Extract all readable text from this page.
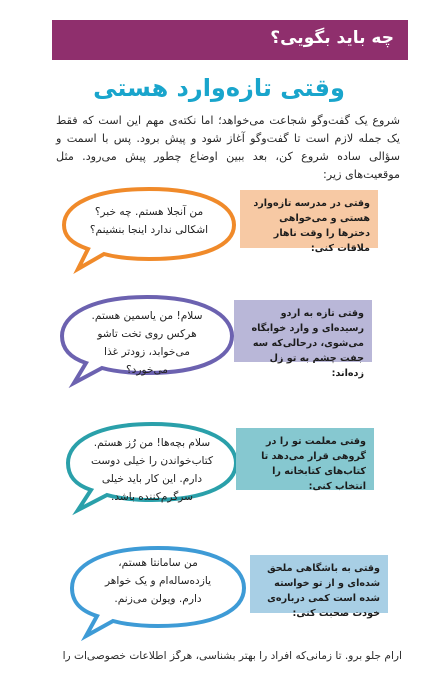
چه باید بگویی؟
وقتی تازه‌وارد هستی
شروع یک گفت‌وگو شجاعت می‌خواهد؛ اما نکته‌ی مهم این است که فقط یک جمله لازم است تا گفت‌وگو آغاز شود و پیش برود. پس با اسمت و سؤالی ساده شروع کن، بعد ببین اوضاع چطور پیش می‌رود. مثل موقعیت‌های زیر:
من آنجلا هستم. چه خبر؟ اشکالی ندارد اینجا بنشینم؟
وقتی در مدرسه تازه‌وارد هستی و می‌خواهی دخترها را وقت ناهار ملاقات کنی:
سلام! من یاسمین هستم. هرکس روی تخت تاشو می‌خوابد، زودتر غذا می‌خورد؟
وقتی تازه به اردو رسیده‌ای و وارد خوابگاه می‌شوی، درحالی‌که سه جفت چشم به تو زل زده‌اند:
سلام بچه‌ها! من رُز هستم. کتاب‌خواندن را خیلی دوست دارم. این کار باید خیلی سرگرم‌کننده باشد.
وقتی معلمت تو را در گروهی قرار می‌دهد تا کتاب‌های کتابخانه را انتخاب کنی:
من سامانتا هستم، یازده‌ساله‌ام و یک خواهر دارم. ویولن می‌زنم.
وقتی به باشگاهی ملحق شده‌ای و از تو خواسته شده است کمی درباره‌ی خودت صحبت کنی:
آرام جلو برو. تا زمانی‌که افراد را بهتر بشناسی، هرگز اطلاعات خصوصی‌ات را
